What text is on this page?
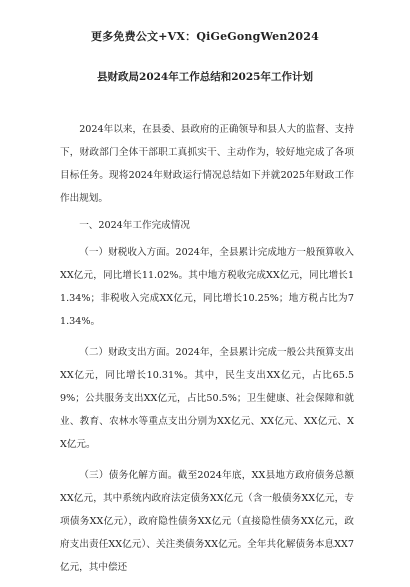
更多免费公文+VX：QiGeGongWen2024
县财政局2024年工作总结和2025年工作计划

2024年以来，在县委、县政府的正确领导和县人大的监督、支持下，财政部门全体干部职工真抓实干、主动作为，较好地完成了各项目标任务。现将2024年财政运行情况总结如下并就2025年财政工作作出规划。

一、2024年工作完成情况

（一）财税收入方面。2024年，全县累计完成地方一般预算收入XX亿元，同比增长11.02%。其中地方税收完成XX亿元，同比增长11.34%；非税收入完成XX亿元，同比增长10.25%；地方税占比为71.34%。

（二）财政支出方面。2024年，全县累计完成一般公共预算支出XX亿元，同比增长10.31%。其中，民生支出XX亿元，占比65.59%；公共服务支出XX亿元，占比50.5%；卫生健康、社会保障和就业、教育、农林水等重点支出分别为XX亿元、XX亿元、XX亿元、XX亿元。

（三）债务化解方面。截至2024年底，XX县地方政府债务总额XX亿元，其中系统内政府法定债务XX亿元（含一般债务XX亿元，专项债务XX亿元），政府隐性债务XX亿元（直接隐性债务XX亿元，政府支出责任XX亿元）、关注类债务XX亿元。全年共化解债务本息XX7亿元，其中偿还
